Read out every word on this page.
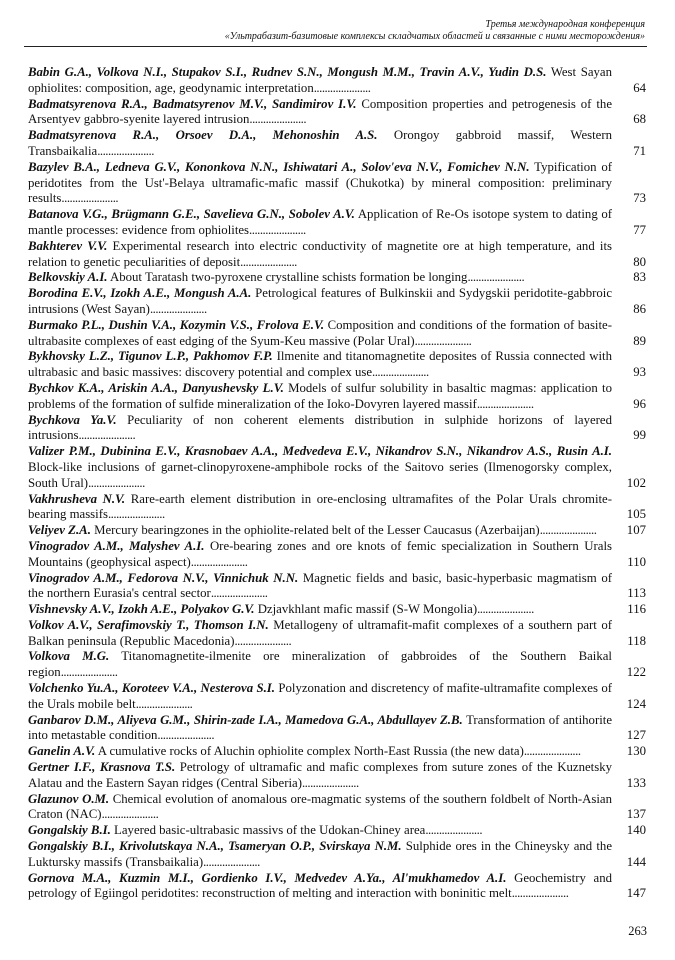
Третья международная конференция
«Ультрабазит-базитовые комплексы складчатых областей и связанные с ними месторождения»

Babin G.A., Volkova N.I., Stupakov S.I., Rudnev S.N., Mongush M.M., Travin A.V., Yudin D.S. West Sayan ophiolites: composition, age, geodynamic interpretation.....................	64

Badmatsyrenova R.A., Badmatsyrenov M.V., Sandimirov I.V. Composition properties and petrogenesis of the Arsentyev gabbro-syenite layered intrusion.....................	68

Badmatsyrenova R.A., Orsoev D.A., Mehonoshin A.S. Orongoy gabbroid massif, Western Transbaikalia.....................	71

Bazylev B.A., Ledneva G.V., Kononkova N.N., Ishiwatari A., Solov'eva N.V., Fomichev N.N. Typification of peridotites from the Ust'-Belaya ultramafic-mafic massif (Chukotka) by mineral composition: preliminary results.....................	73

Batanova V.G., Brügmann G.E., Savelieva G.N., Sobolev A.V. Application of Re-Os isotope system to dating of mantle processes: evidence from ophiolites.....................	77

Bakhterev V.V. Experimental research into electric conductivity of magnetite ore at high temperature, and its relation to genetic peculiarities of deposit.....................	80

Belkovskiy A.I. About Taratash two-pyroxene crystalline schists formation be longing.....................	83

Borodina E.V., Izokh A.E., Mongush A.A. Petrological features of Bulkinskii and Sydygskii peridotite-gabbroic intrusions (West Sayan).....................	86

Burmako P.L., Dushin V.A., Kozymin V.S., Frolova E.V. Composition and conditions of the formation of basite-ultrabasite complexes of east edging of the Syum-Keu massive (Polar Ural).....................	89

Bykhovsky L.Z., Tigunov L.P., Pakhomov F.P. Ilmenite and titanomagnetite deposites of Russia connected with ultrabasic and basic massives: discovery potential and complex use.....................	93

Bychkov K.A., Ariskin A.A., Danyushevsky L.V. Models of sulfur solubility in basaltic magmas: application to problems of the formation of sulfide mineralization of the Ioko-Dovyren layered massif.....................	96

Bychkova Ya.V. Peculiarity of non coherent elements distribution in sulphide horizons of layered intrusions.....................	99

Valizer P.M., Dubinina E.V., Krasnobaev A.A., Medvedeva E.V., Nikandrov S.N., Nikandrov A.S., Rusin A.I. Block-like inclusions of garnet-clinopyroxene-amphibole rocks of the Saitovo series (Ilmenogorsky complex, South Ural).....................	102

Vakhrusheva N.V. Rare-earth element distribution in ore-enclosing ultramafites of the Polar Urals chromite-bearing massifs.....................	105

Veliyev Z.A. Mercury bearingzones in the ophiolite-related belt of the Lesser Caucasus (Azerbaijan).....................	107

Vinogradov A.M., Malyshev A.I. Ore-bearing zones and ore knots of femic specialization in Southern Urals Mountains (geophysical aspect).....................	110

Vinogradov A.M., Fedorova N.V., Vinnichuk N.N. Magnetic fields and basic, basic-hyperbasic magmatism of the northern Eurasia's central sector.....................	113

Vishnevsky A.V., Izokh A.E., Polyakov G.V. Dzjavkhlant mafic massif (S-W Mongolia).....................	116

Volkov A.V., Serafimovskiy T., Thomson I.N. Metallogeny of ultramafit-mafit complexes of a southern part of Balkan peninsula (Republic Macedonia).....................	118

Volkova M.G. Titanomagnetite-ilmenite ore mineralization of gabbroides of the Southern Baikal region.....................	122

Volchenko Yu.A., Koroteev V.A., Nesterova S.I. Polyzonation and discretency of mafite-ultramafite complexes of the Urals mobile belt.....................	124

Ganbarov D.M., Aliyeva G.M., Shirin-zade I.A., Mamedova G.A., Abdullayev Z.B. Transformation of antihorite into metastable condition.....................	127

Ganelin A.V. A cumulative rocks of Aluchin ophiolite complex North-East Russia (the new data).....................	130

Gertner I.F., Krasnova T.S. Petrology of ultramafic and mafic complexes from suture zones of the Kuznetsky Alatau and the Eastern Sayan ridges (Central Siberia).....................	133

Glazunov O.M. Chemical evolution of anomalous ore-magmatic systems of the southern foldbelt of North-Asian Craton (NAC).....................	137

Gongalskiy B.I. Layered basic-ultrabasic massivs of the Udokan-Chiney area.....................	140

Gongalskiy B.I., Krivolutskaya N.A., Tsameryan O.P., Svirskaya N.M. Sulphide ores in the Chineysky and the Lukturskу massifs (Transbaikalia).....................	144

Gornova M.A., Kuzmin M.I., Gordienko I.V., Medvedev A.Ya., Al'mukhamedov A.I. Geochemistry and petrology of Egiingol peridotites: reconstruction of melting and interaction with boninitic melt.....................	147

263
